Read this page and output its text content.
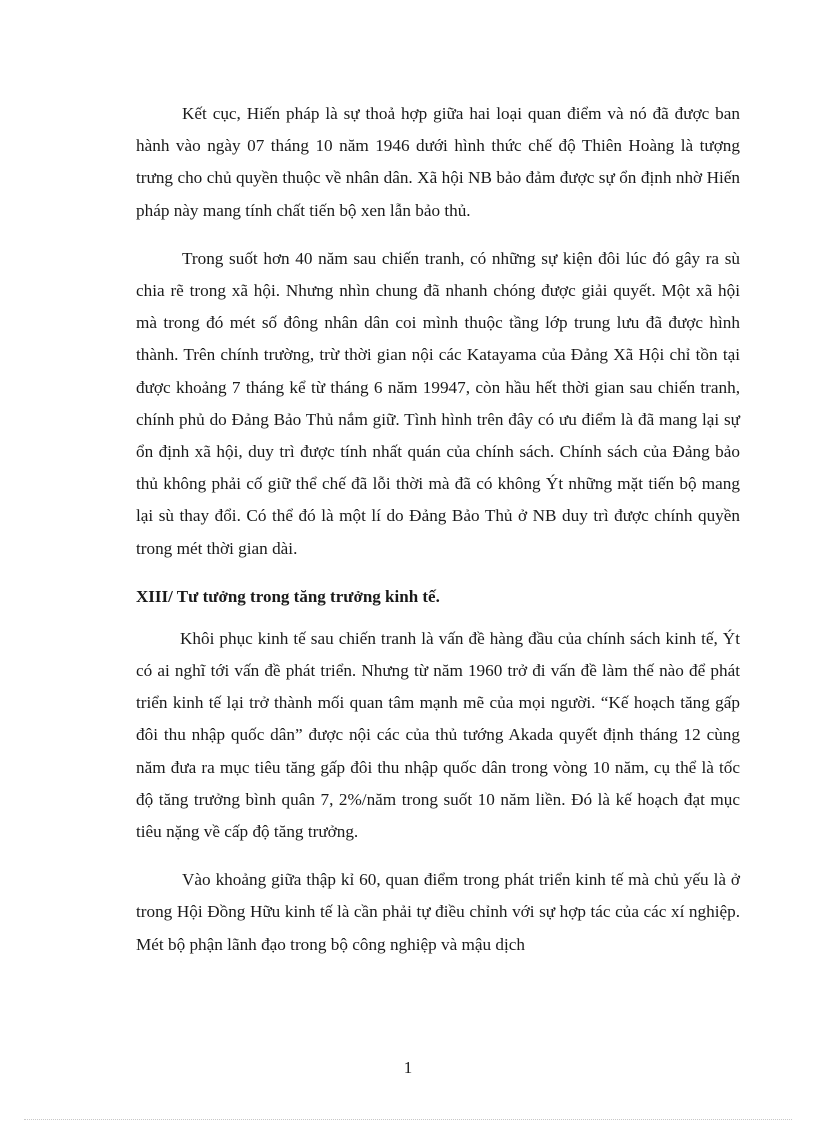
Kết cục, Hiến pháp là sự thoả hợp giữa hai loại quan điểm và nó đã được ban hành vào ngày 07 tháng 10 năm 1946 dưới hình thức chế độ Thiên Hoàng là tượng trưng cho chủ quyền thuộc về nhân dân. Xã hội NB bảo đảm được sự ổn định nhờ Hiến pháp này mang tính chất tiến bộ xen lẫn bảo thủ.

Trong suốt hơn 40 năm sau chiến tranh, có những sự kiện đôi lúc đó gây ra sù chia rẽ trong xã hội. Nhưng nhìn chung đã nhanh chóng được giải quyết. Một xã hội mà trong đó mét số đông nhân dân coi mình thuộc tầng lớp trung lưu đã được hình thành. Trên chính trường, trừ thời gian nội các Katayama của Đảng Xã Hội chỉ tồn tại được khoảng 7 tháng kể từ tháng 6 năm 19947, còn hầu hết thời gian sau chiến tranh, chính phủ do Đảng Bảo Thủ nắm giữ. Tình hình trên đây có ưu điểm là đã mang lại sự ổn định xã hội, duy trì được tính nhất quán của chính sách. Chính sách của Đảng bảo thủ không phải cố giữ thể chế đã lỗi thời mà đã có không Ýt những mặt tiến bộ mang lại sù thay đổi. Có thể đó là một lí do Đảng Bảo Thủ ở NB duy trì được chính quyền trong mét thời gian dài.

XIII/ Tư tưởng trong tăng trưởng kinh tế.

Khôi phục kinh tế sau chiến tranh là vấn đề hàng đầu của chính sách kinh tế, Ýt có ai nghĩ tới vấn đề phát triển. Nhưng từ năm 1960 trở đi vấn đề làm thế nào để phát triển kinh tế lại trở thành mối quan tâm mạnh mẽ của mọi người. “Kế hoạch tăng gấp đôi thu nhập quốc dân” được nội các của thủ tướng Akada quyết định tháng 12 cùng năm đưa ra mục tiêu tăng gấp đôi thu nhập quốc dân trong vòng 10 năm, cụ thể là tốc độ tăng trưởng bình quân 7, 2%/năm trong suốt 10 năm liền. Đó là kế hoạch đạt mục tiêu nặng về cấp độ tăng trưởng.

Vào khoảng giữa thập kỉ 60, quan điểm trong phát triển kinh tế mà chủ yếu là ở trong Hội Đồng Hữu kinh tế là cần phải tự điều chỉnh với sự hợp tác của các xí nghiệp. Mét bộ phận lãnh đạo trong bộ công nghiệp và mậu dịch

1
